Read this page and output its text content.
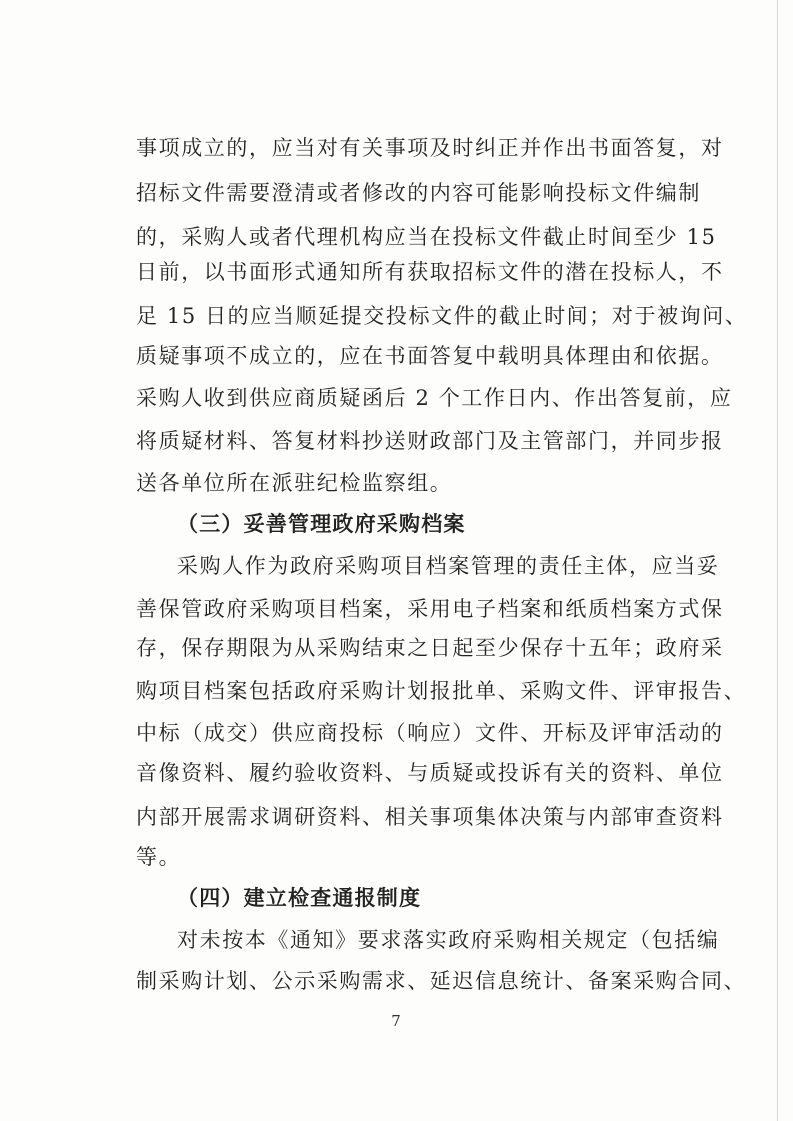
事项成立的，应当对有关事项及时纠正并作出书面答复，对
招标文件需要澄清或者修改的内容可能影响投标文件编制
的，采购人或者代理机构应当在投标文件截止时间至少 15
日前，以书面形式通知所有获取招标文件的潜在投标人，不
足 15 日的应当顺延提交投标文件的截止时间；对于被询问、
质疑事项不成立的，应在书面答复中载明具体理由和依据。
采购人收到供应商质疑函后 2 个工作日内、作出答复前，应
将质疑材料、答复材料抄送财政部门及主管部门，并同步报
送各单位所在派驻纪检监察组。
（三）妥善管理政府采购档案
采购人作为政府采购项目档案管理的责任主体，应当妥
善保管政府采购项目档案，采用电子档案和纸质档案方式保
存，保存期限为从采购结束之日起至少保存十五年；政府采
购项目档案包括政府采购计划报批单、采购文件、评审报告、
中标（成交）供应商投标（响应）文件、开标及评审活动的
音像资料、履约验收资料、与质疑或投诉有关的资料、单位
内部开展需求调研资料、相关事项集体决策与内部审查资料
等。
（四）建立检查通报制度
对未按本《通知》要求落实政府采购相关规定（包括编
制采购计划、公示采购需求、延迟信息统计、备案采购合同、
7
